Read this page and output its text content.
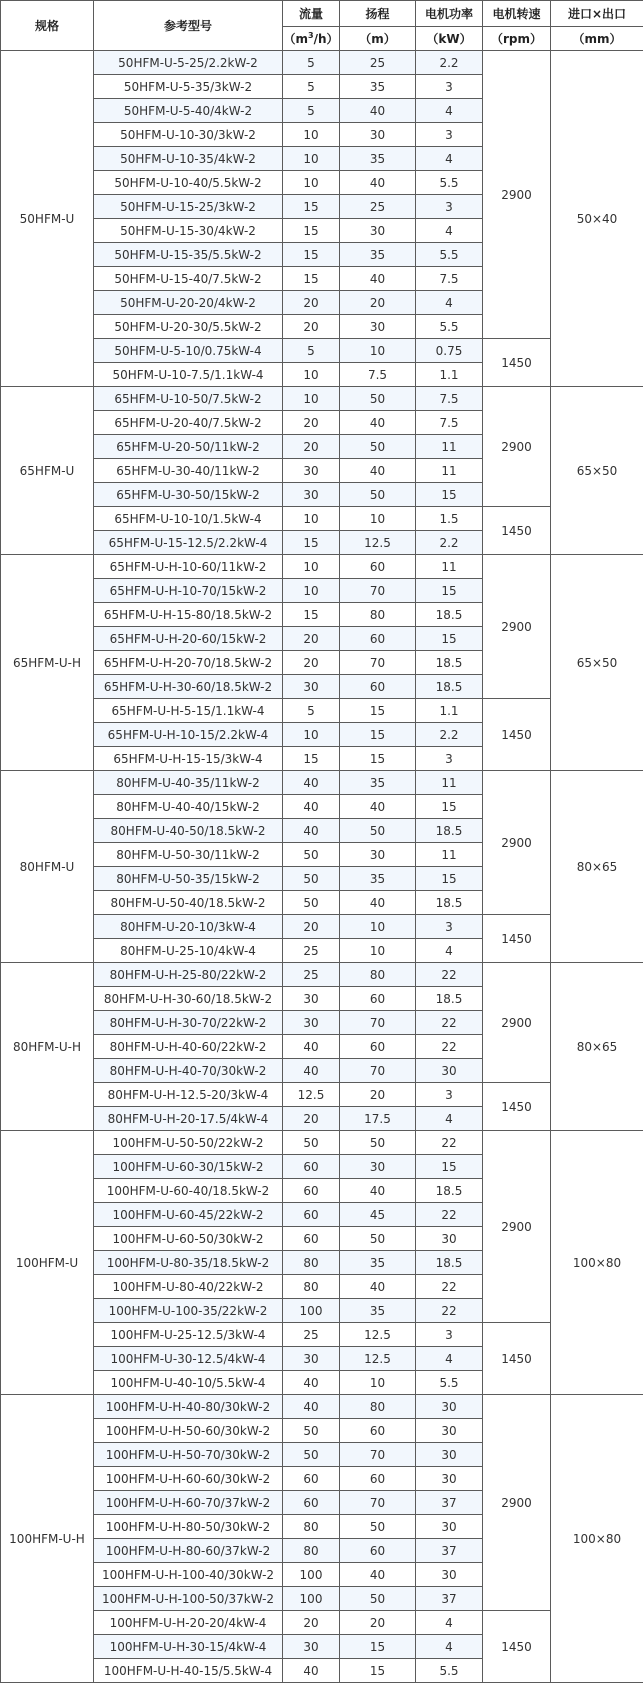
规格	参考型号	流量	扬程	电机功率	电机转速	进口×出口
		$(m^3/h)$	（m）	（kW）	（rpm）	（mm）
50HFM-U	50HFM-U-5-25/2.2kW-2	5	25	2.2	2900	50×40
	50HFM-U-5-35/3kW-2	5	35	3		
	50HFM-U-5-40/4kW-2	5	40	4		
	50HFM-U-10-30/3kW-2	10	30	3		
	50HFM-U-10-35/4kW-2	10	35	4		
	50HFM-U-10-40/5.5kW-2	10	40	5.5		
	50HFM-U-15-25/3kW-2	15	25	3		
	50HFM-U-15-30/4kW-2	15	30	4		
	50HFM-U-15-35/5.5kW-2	15	35	5.5		
	50HFM-U-15-40/7.5kW-2	15	40	7.5		
	50HFM-U-20-20/4kW-2	20	20	4		
	50HFM-U-20-30/5.5kW-2	20	30	5.5		
	50HFM-U-5-10/0.75kW-4	5	10	0.75	1450	
	50HFM-U-10-7.5/1.1kW-4	10	7.5	1.1		
65HFM-U	65HFM-U-10-50/7.5kW-2	10	50	7.5	2900	65×50
	65HFM-U-20-40/7.5kW-2	20	40	7.5		
	65HFM-U-20-50/11kW-2	20	50	11		
	65HFM-U-30-40/11kW-2	30	40	11		
	65HFM-U-30-50/15kW-2	30	50	15		
	65HFM-U-10-10/1.5kW-4	10	10	1.5	1450	
	65HFM-U-15-12.5/2.2kW-4	15	12.5	2.2		
65HFM-U-H	65HFM-U-H-10-60/11kW-2	10	60	11	2900	65×50
	65HFM-U-H-10-70/15kW-2	10	70	15		
	65HFM-U-H-15-80/18.5kW-2	15	80	18.5		
	65HFM-U-H-20-60/15kW-2	20	60	15		
	65HFM-U-H-20-70/18.5kW-2	20	70	18.5		
	65HFM-U-H-30-60/18.5kW-2	30	60	18.5		
	65HFM-U-H-5-15/1.1kW-4	5	15	1.1	1450	
	65HFM-U-H-10-15/2.2kW-4	10	15	2.2		
	65HFM-U-H-15-15/3kW-4	15	15	3		
80HFM-U	80HFM-U-40-35/11kW-2	40	35	11	2900	80×65
	80HFM-U-40-40/15kW-2	40	40	15		
	80HFM-U-40-50/18.5kW-2	40	50	18.5		
	80HFM-U-50-30/11kW-2	50	30	11		
	80HFM-U-50-35/15kW-2	50	35	15		
	80HFM-U-50-40/18.5kW-2	50	40	18.5		
	80HFM-U-20-10/3kW-4	20	10	3	1450	
	80HFM-U-25-10/4kW-4	25	10	4		
80HFM-U-H	80HFM-U-H-25-80/22kW-2	25	80	22	2900	80×65
	80HFM-U-H-30-60/18.5kW-2	30	60	18.5		
	80HFM-U-H-30-70/22kW-2	30	70	22		
	80HFM-U-H-40-60/22kW-2	40	60	22		
	80HFM-U-H-40-70/30kW-2	40	70	30		
	80HFM-U-H-12.5-20/3kW-4	12.5	20	3	1450	
	80HFM-U-H-20-17.5/4kW-4	20	17.5	4		
100HFM-U	100HFM-U-50-50/22kW-2	50	50	22	2900	100×80
	100HFM-U-60-30/15kW-2	60	30	15		
	100HFM-U-60-40/18.5kW-2	60	40	18.5		
	100HFM-U-60-45/22kW-2	60	45	22		
	100HFM-U-60-50/30kW-2	60	50	30		
	100HFM-U-80-35/18.5kW-2	80	35	18.5		
	100HFM-U-80-40/22kW-2	80	40	22		
	100HFM-U-100-35/22kW-2	100	35	22		
	100HFM-U-25-12.5/3kW-4	25	12.5	3	1450	
	100HFM-U-30-12.5/4kW-4	30	12.5	4		
	100HFM-U-40-10/5.5kW-4	40	10	5.5		
100HFM-U-H	100HFM-U-H-40-80/30kW-2	40	80	30	2900	100×80
	100HFM-U-H-50-60/30kW-2	50	60	30		
	100HFM-U-H-50-70/30kW-2	50	70	30		
	100HFM-U-H-60-60/30kW-2	60	60	30		
	100HFM-U-H-60-70/37kW-2	60	70	37		
	100HFM-U-H-80-50/30kW-2	80	50	30		
	100HFM-U-H-80-60/37kW-2	80	60	37		
	100HFM-U-H-100-40/30kW-2	100	40	30		
	100HFM-U-H-100-50/37kW-2	100	50	37		
	100HFM-U-H-20-20/4kW-4	20	20	4	1450	
	100HFM-U-H-30-15/4kW-4	30	15	4		
	100HFM-U-H-40-15/5.5kW-4	40	15	5.5		
